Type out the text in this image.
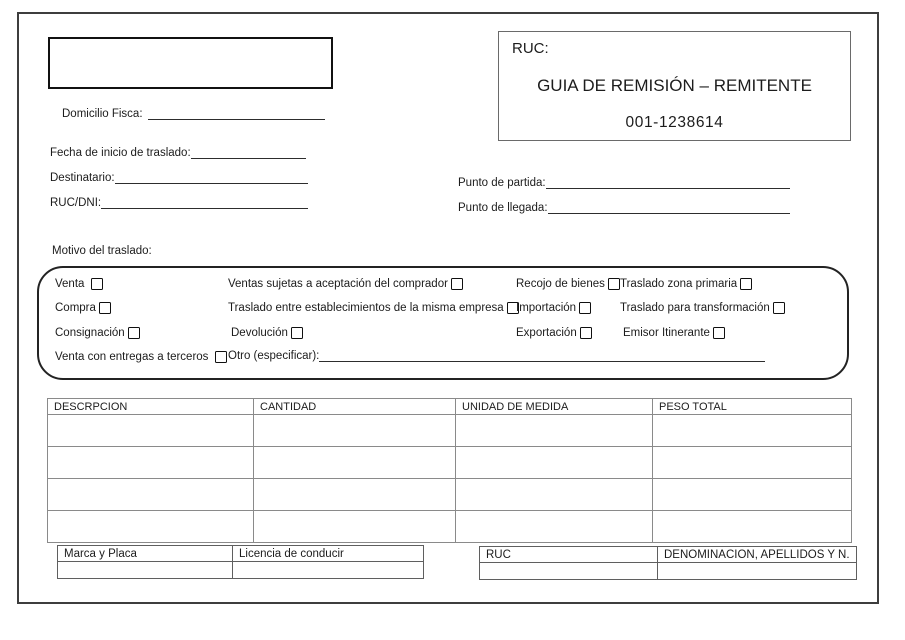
RUC:
GUIA DE REMISIÓN – REMITENTE
001-1238614
Domicilio Fisca:
Fecha de inicio de traslado:
Destinatario:
RUC/DNI:
Punto de partida:
Punto de llegada:
Motivo del traslado:
Venta	Ventas sujetas a aceptación del comprador	Recojo de bienes Traslado zona primaria
Compra	Traslado entre establecimientos de la misma empresa Importación	Traslado para transformación
Consignación	Devolución	Exportación	Emisor Itinerante
Venta con entregas a terceros Otro (especificar):
DESCRPCION	CANTIDAD	UNIDAD DE MEDIDA	PESO TOTAL

Marca y Placa	Licencia de conducir
		RUC	DENOMINACION, APELLIDOS Y N.
